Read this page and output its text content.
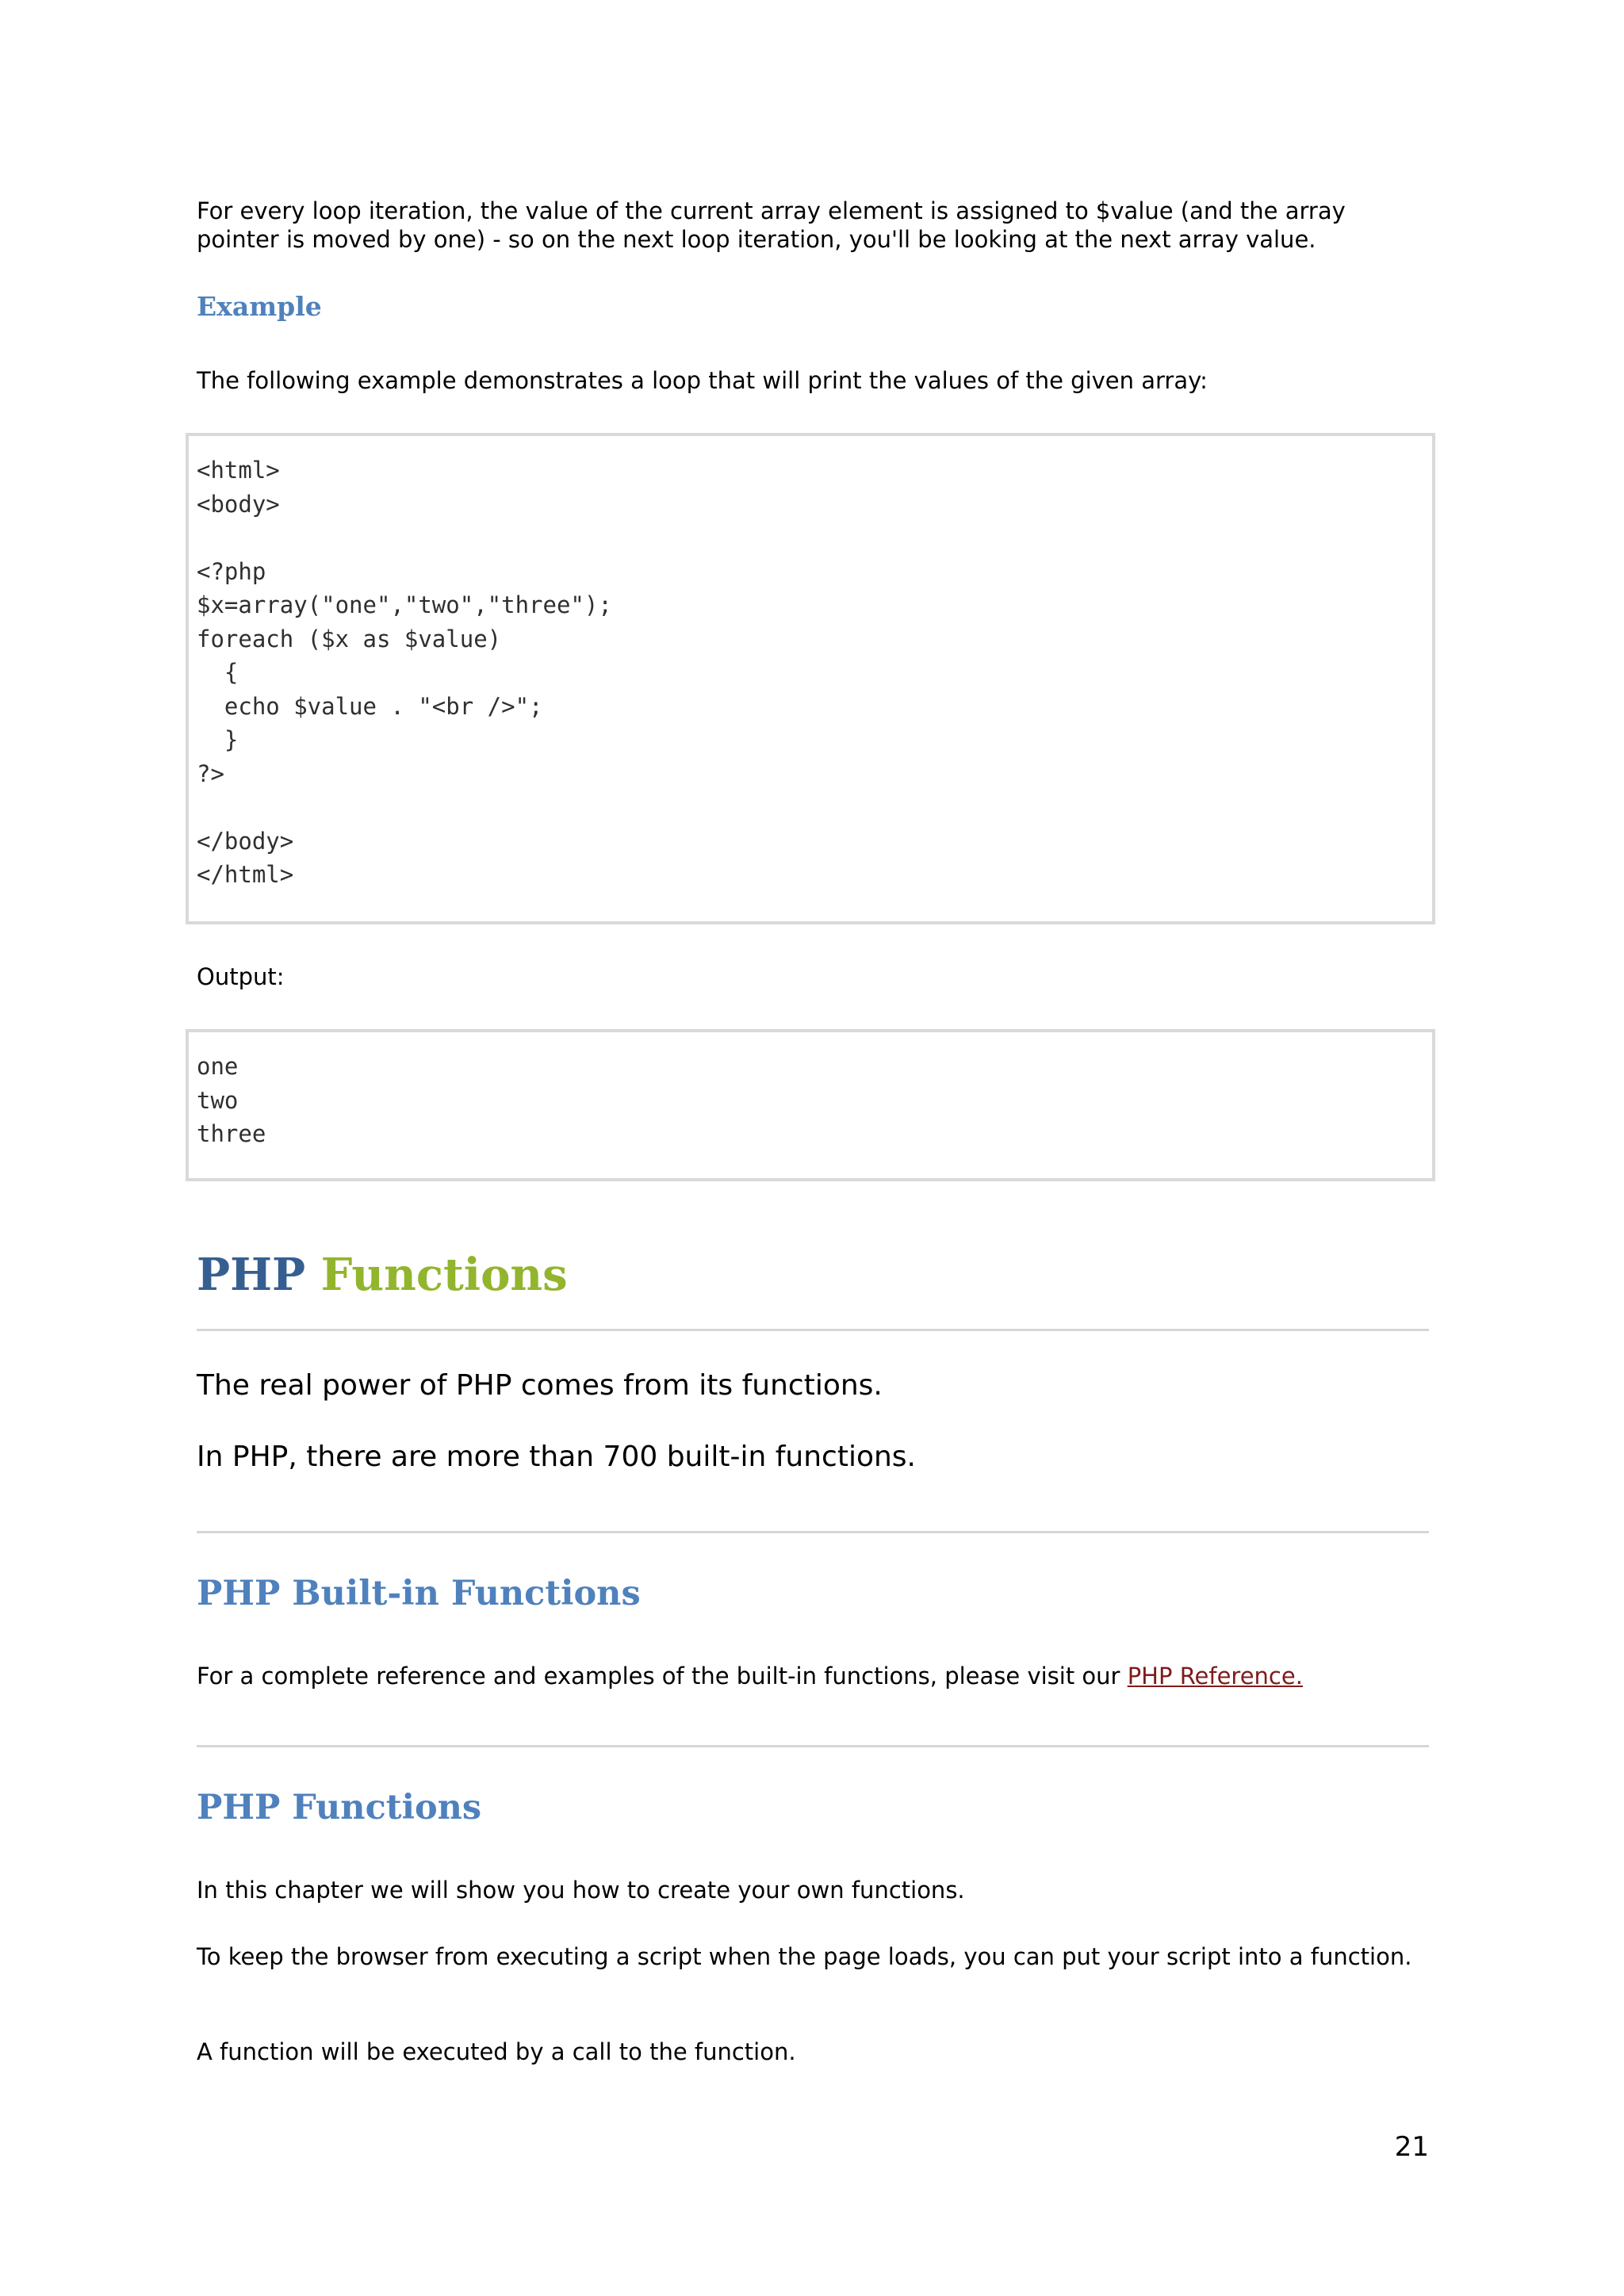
For every loop iteration, the value of the current array element is assigned to $value (and the array pointer is moved by one) - so on the next loop iteration, you'll be looking at the next array value.

Example

The following example demonstrates a loop that will print the values of the given array:

<html>
<body>

<?php
$x=array("one","two","three");
foreach ($x as $value)
{
echo $value . "<br />";
}
?>

</body>
</html>

Output:

one
two
three
PHP Functions

The real power of PHP comes from its functions.

In PHP, there are more than 700 built-in functions.

PHP Built-in Functions

For a complete reference and examples of the built-in functions, please visit our PHP Reference.

PHP Functions

In this chapter we will show you how to create your own functions.

To keep the browser from executing a script when the page loads, you can put your script into a function.

A function will be executed by a call to the function.

21
